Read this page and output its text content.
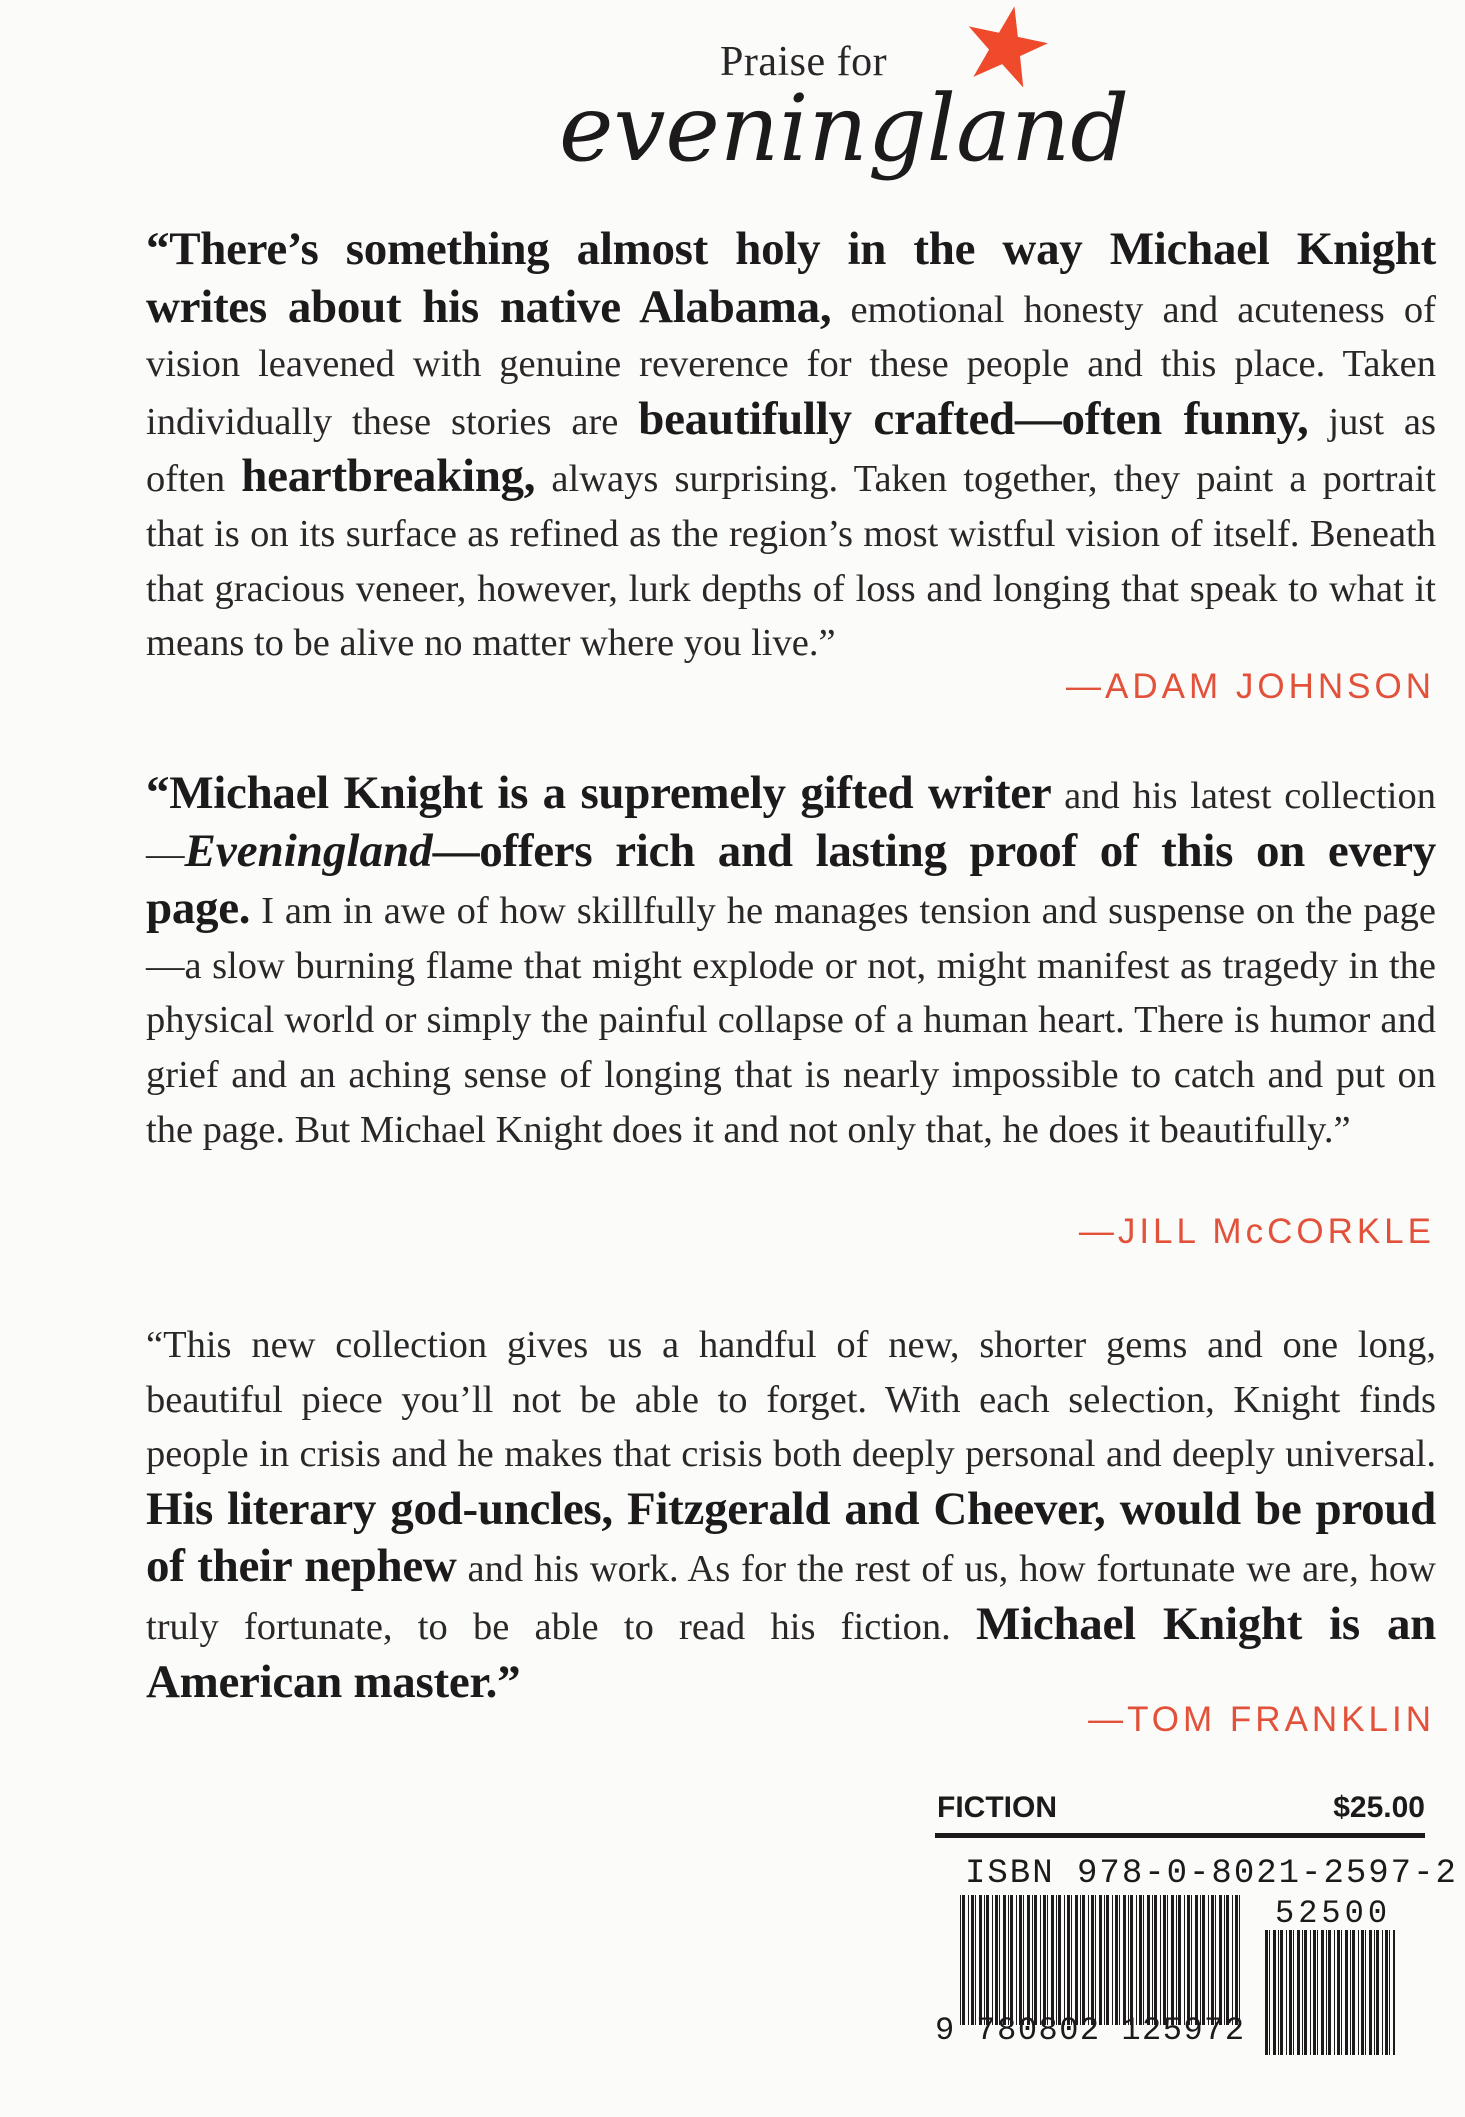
Praise for
eveningland
“There’s something almost holy in the way Michael Knight writes about his native Alabama, emotional honesty and acuteness of vision leavened with genuine reverence for these people and this place. Taken individually these stories are beautifully crafted—often funny, just as often heartbreaking, always surprising. Taken together, they paint a portrait that is on its surface as refined as the region’s most wistful vision of itself. Beneath that gracious veneer, however, lurk depths of loss and longing that speak to what it means to be alive no matter where you live.”
—ADAM JOHNSON
“Michael Knight is a supremely gifted writer and his latest collection—Eveningland—offers rich and lasting proof of this on every page. I am in awe of how skillfully he manages tension and suspense on the page—a slow burning flame that might explode or not, might manifest as tragedy in the physical world or simply the painful collapse of a human heart. There is humor and grief and an aching sense of longing that is nearly impossible to catch and put on the page. But Michael Knight does it and not only that, he does it beautifully.”
—JILL McCORKLE
“This new collection gives us a handful of new, shorter gems and one long, beautiful piece you’ll not be able to forget. With each selection, Knight finds people in crisis and he makes that crisis both deeply personal and deeply universal. His literary god-uncles, Fitzgerald and Cheever, would be proud of their nephew and his work. As for the rest of us, how fortunate we are, how truly fortunate, to be able to read his fiction. Michael Knight is an American master.”
—TOM FRANKLIN
FICTION	$25.00
ISBN 978-0-8021-2597-2
52500
9 780802 125972
